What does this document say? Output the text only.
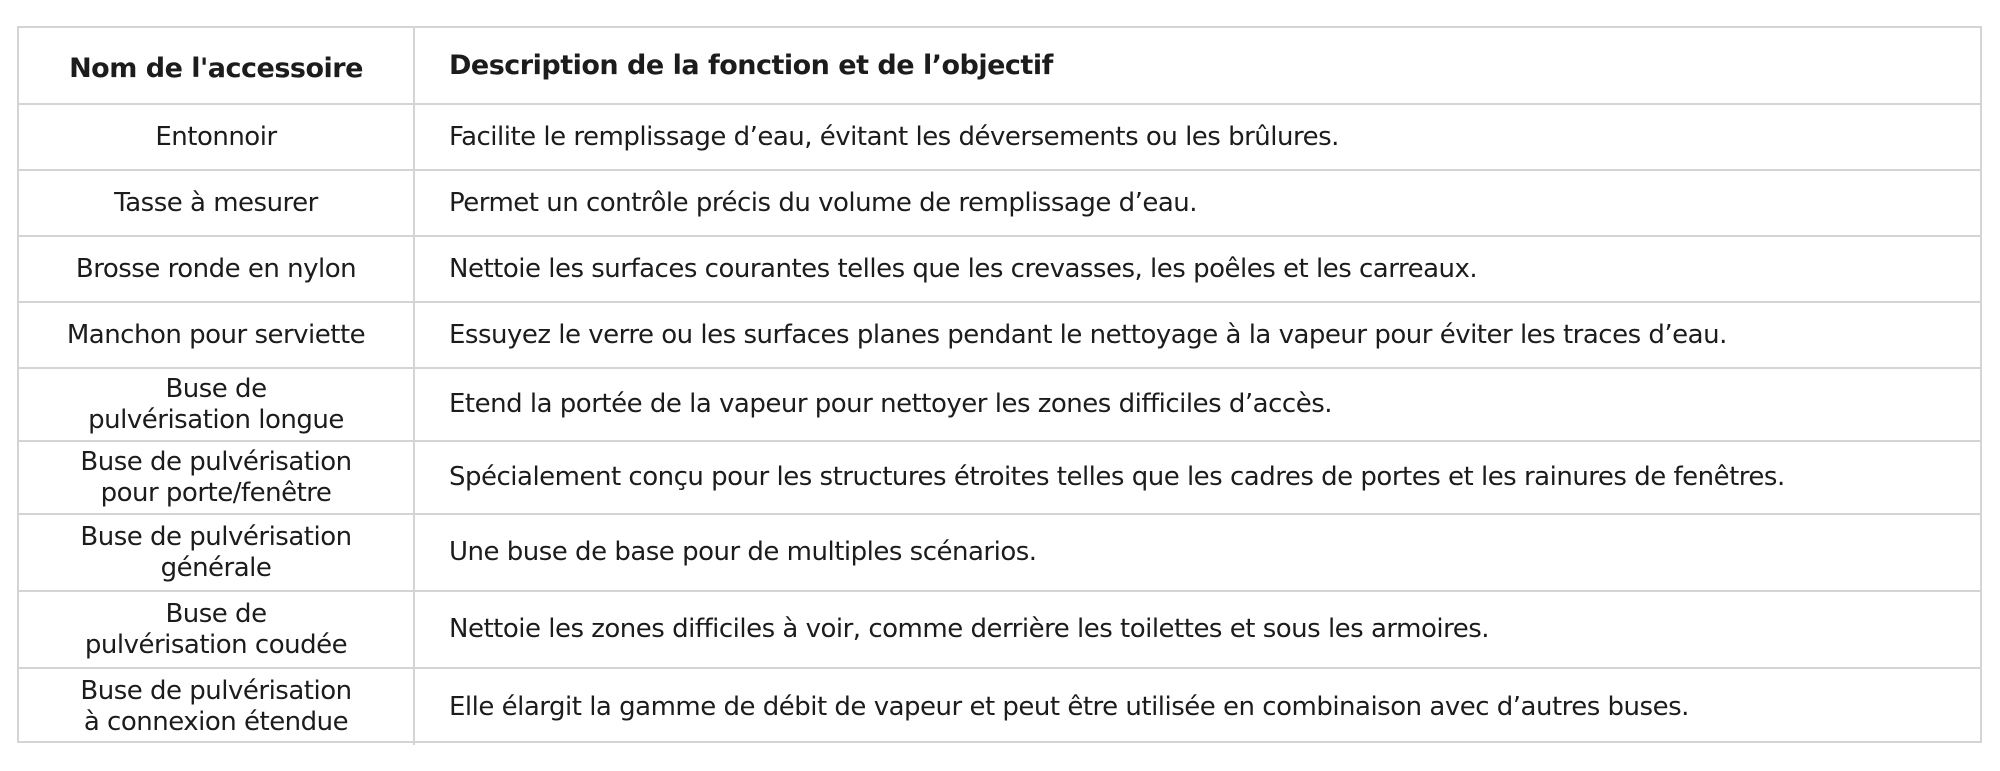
Nom de l'accessoire	Description de la fonction et de l’objectif

Entonnoir	Facilite le remplissage d’eau, évitant les déversements ou les brûlures.

Tasse à mesurer	Permet un contrôle précis du volume de remplissage d’eau.

Brosse ronde en nylon	Nettoie les surfaces courantes telles que les crevasses, les poêles et les carreaux.

Manchon pour serviette	Essuyez le verre ou les surfaces planes pendant le nettoyage à la vapeur pour éviter les traces d’eau.

Buse de
pulvérisation longue	Etend la portée de la vapeur pour nettoyer les zones difficiles d’accès.

Buse de pulvérisation
pour porte/fenêtre	Spécialement conçu pour les structures étroites telles que les cadres de portes et les rainures de fenêtres.

Buse de pulvérisation
générale	Une buse de base pour de multiples scénarios.

Buse de
pulvérisation coudée	Nettoie les zones difficiles à voir, comme derrière les toilettes et sous les armoires.

Buse de pulvérisation
à connexion étendue	Elle élargit la gamme de débit de vapeur et peut être utilisée en combinaison avec d’autres buses.
